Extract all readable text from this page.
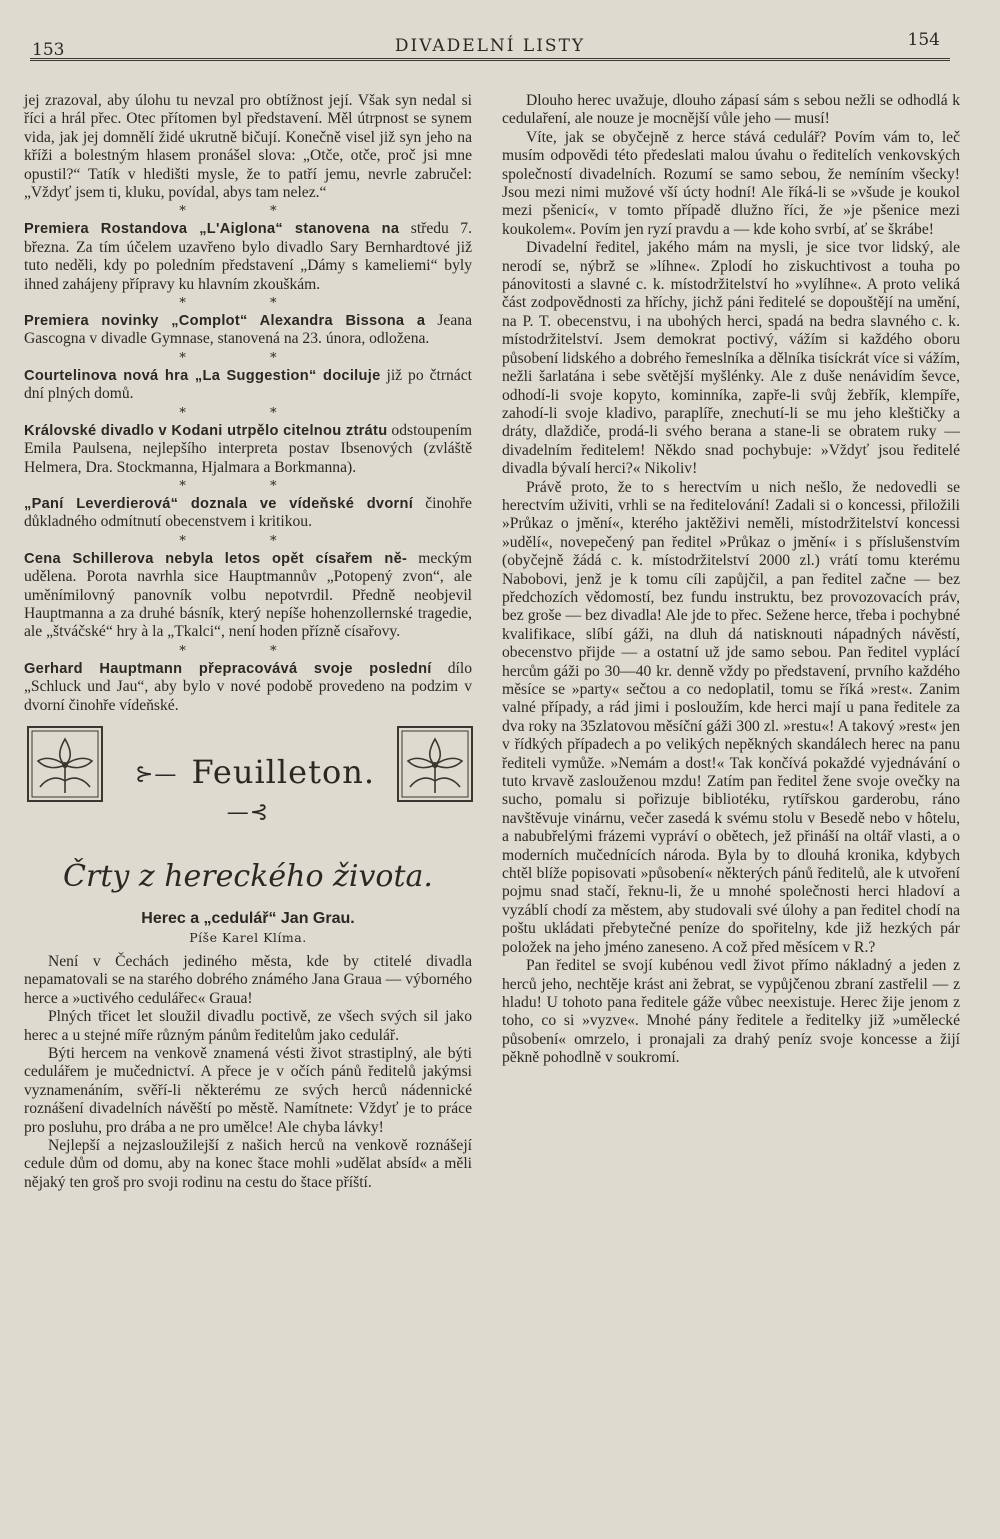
153	DIVADELNÍ LISTY	154

jej zrazoval, aby úlohu tu nevzal pro obtížnost její. Však syn nedal si říci a hrál přec. Otec přítomen byl představení. Měl útrpnost se synem vida, jak jej domnělí židé ukrutně bičují. Konečně visel již syn jeho na kříži a bolestným hlasem pronášel slova: „Otče, otče, proč jsi mne opustil?“ Tatík v hledišti mysle, že to patří jemu, nevrle zabručel: „Vždyť jsem ti, kluku, povídal, abys tam nelez.“

* *

Premiera Rostandova „L'Aiglona“ stanovena na středu 7. března. Za tím účelem uzavřeno bylo divadlo Sary Bernhardtové již tuto neděli, kdy po poledním představení „Dámy s kameliemi“ byly ihned zahájeny přípravy ku hlavním zkouškám.

* *

Premiera novinky „Complot“ Alexandra Bissona a Jeana Gascogna v divadle Gymnase, stanovená na 23. února, odložena.

* *

Courtelinova nová hra „La Suggestion“ dociluje již po čtrnáct dní plných domů.

* *

Královské divadlo v Kodani utrpělo citelnou ztrátu odstoupením Emila Paulsena, nejlepšího interpreta postav Ibsenových (zvláště Helmera, Dra. Stockmanna, Hjalmara a Borkmanna).

* *

„Paní Leverdierová“ doznala ve vídeňské dvorní činohře důkladného odmítnutí obecenstvem i kritikou.

* *

Cena Schillerova nebyla letos opět císařem ně- meckým udělena. Porota navrhla sice Hauptmannův „Potopený zvon“, ale uměnímilovný panovník volbu nepotvrdil. Předně neobjevil Hauptmanna a za druhé básník, který nepíše hohenzollernské tragedie, ale „štváčské“ hry à la „Tkalci“, není hoden přízně císařovy.

* *

Gerhard Hauptmann přepracovává svoje poslední dílo „Schluck und Jau“, aby bylo v nové podobě provedeno na podzim v dvorní činohře vídeňské.

⊱— Feuilleton.—⊰
Črty z hereckého života.
Herec a „cedulář“ Jan Grau.
Píše Karel Klíma.

Není v Čechách jediného města, kde by ctitelé divadla nepamatovali se na starého dobrého známého Jana Graua — výborného herce a »uctivého cedulářec« Graua!

Plných třicet let sloužil divadlu poctivě, ze všech svých sil jako herec a u stejné míře různým pánům ředitelům jako cedulář.

Býti hercem na venkově znamená vésti život strastiplný, ale býti cedulářem je mučednictví. A přece je v očích pánů ředitelů jakýmsi vyznamenáním, svěří-li některému ze svých herců nádennické roznášení divadelních návěští po městě. Namítnete: Vždyť je to práce pro posluhu, pro drába a ne pro umělce! Ale chyba lávky!

Nejlepší a nejzasloužilejší z našich herců na venkově roznášejí cedule dům od domu, aby na konec štace mohli »udělat absíd« a měli nějaký ten groš pro svoji rodinu na cestu do štace příští.

Dlouho herec uvažuje, dlouho zápasí sám s sebou nežli se odhodlá k cedulaření, ale nouze je mocnější vůle jeho — musí!

Víte, jak se obyčejně z herce stává cedulář? Povím vám to, leč musím odpovědi této předeslati malou úvahu o ředitelích venkovských společností divadelních. Rozumí se samo sebou, že nemíním všecky! Jsou mezi nimi mužové vší úcty hodní! Ale říká-li se »všude je koukol mezi pšenicí«, v tomto případě dlužno říci, že »je pšenice mezi koukolem«. Povím jen ryzí pravdu a — kde koho svrbí, ať se škrábe!

Divadelní ředitel, jakého mám na mysli, je sice tvor lidský, ale nerodí se, nýbrž se »líhne«. Zplodí ho ziskuchtivost a touha po pánovitosti a slavné c. k. místodržitelství ho »vylíhne«. A proto veliká část zodpovědnosti za hříchy, jichž páni ředitelé se dopouštějí na umění, na P. T. obecenstvu, i na ubohých herci, spadá na bedra slavného c. k. místodržitelství. Jsem demokrat poctivý, vážím si každého oboru působení lidského a dobrého řemeslníka a dělníka tisíckrát více si vážím, nežli šarlatána i sebe světější myšlénky. Ale z duše nenávidím ševce, odhodí-li svoje kopyto, kominníka, zapře-li svůj žebřík, klempíře, zahodí-li svoje kladivo, paraplíře, znechutí-li se mu jeho kleštičky a dráty, dlaždiče, prodá-li svého berana a stane-li se obratem ruky — divadelním ředitelem! Někdo snad pochybuje: »Vždyť jsou ředitelé divadla bývalí herci?« Nikoliv!

Právě proto, že to s herectvím u nich nešlo, že nedovedli se herectvím uživiti, vrhli se na ředitelování! Zadali si o koncessi, přiložili »Průkaz o jmění«, kterého jaktěživi neměli, místodržitelství koncessi »udělí«, novepečený pan ředitel »Průkaz o jmění« i s příslušenstvím (obyčejně žádá c. k. místodržitelství 2000 zl.) vrátí tomu kterému Nabobovi, jenž je k tomu cíli zapůjčil, a pan ředitel začne — bez předchozích vědomostí, bez fundu instruktu, bez provozovacích práv, bez groše — bez divadla! Ale jde to přec. Sežene herce, třeba i pochybné kvalifikace, slíbí gáži, na dluh dá natisknouti nápadných návěstí, obecenstvo přijde — a ostatní už jde samo sebou. Pan ředitel vyplácí hercům gáži po 30—40 kr. denně vždy po představení, prvního každého měsíce se »party« sečtou a co nedoplatil, tomu se říká »rest«. Zanim valné případy, a rád jimi i posloužím, kde herci mají u pana ředitele za dva roky na 35zlatovou měsíční gáži 300 zl. »restu«! A takový »rest« jen v řídkých případech a po velikých nepěkných skandálech herec na panu řediteli vymůže. »Nemám a dost!« Tak končívá pokaždé vyjednávání o tuto krvavě zaslouženou mzdu! Zatím pan ředitel žene svoje ovečky na sucho, pomalu si pořizuje bibliotéku, rytířskou garderobu, ráno navštěvuje vinárnu, večer zasedá k svému stolu v Besedě nebo v hôtelu, a nabubřelými frázemi vypráví o obětech, jež přináší na oltář vlasti, a o moderních mučednících národa. Byla by to dlouhá kronika, kdybych chtěl blíže popisovati »působení« některých pánů ředitelů, ale k utvoření pojmu snad stačí, řeknu-li, že u mnohé společnosti herci hladoví a vyzáblí chodí za městem, aby studovali své úlohy a pan ředitel chodí na poštu ukládati přebytečné peníze do spořitelny, kde již hezkých pár položek na jeho jméno zaneseno. A což před měsícem v R.?

Pan ředitel se svojí kubénou vedl život přímo nákladný a jeden z herců jeho, nechtěje krást ani žebrat, se vypůjčenou zbraní zastřelil — z hladu! U tohoto pana ředitele gáže vůbec neexistuje. Herec žije jenom z toho, co si »vyzve«. Mnohé pány ředitele a ředitelky již »umělecké působení« omrzelo, i pronajali za drahý peníz svoje koncesse a žijí pěkně pohodlně v soukromí.
